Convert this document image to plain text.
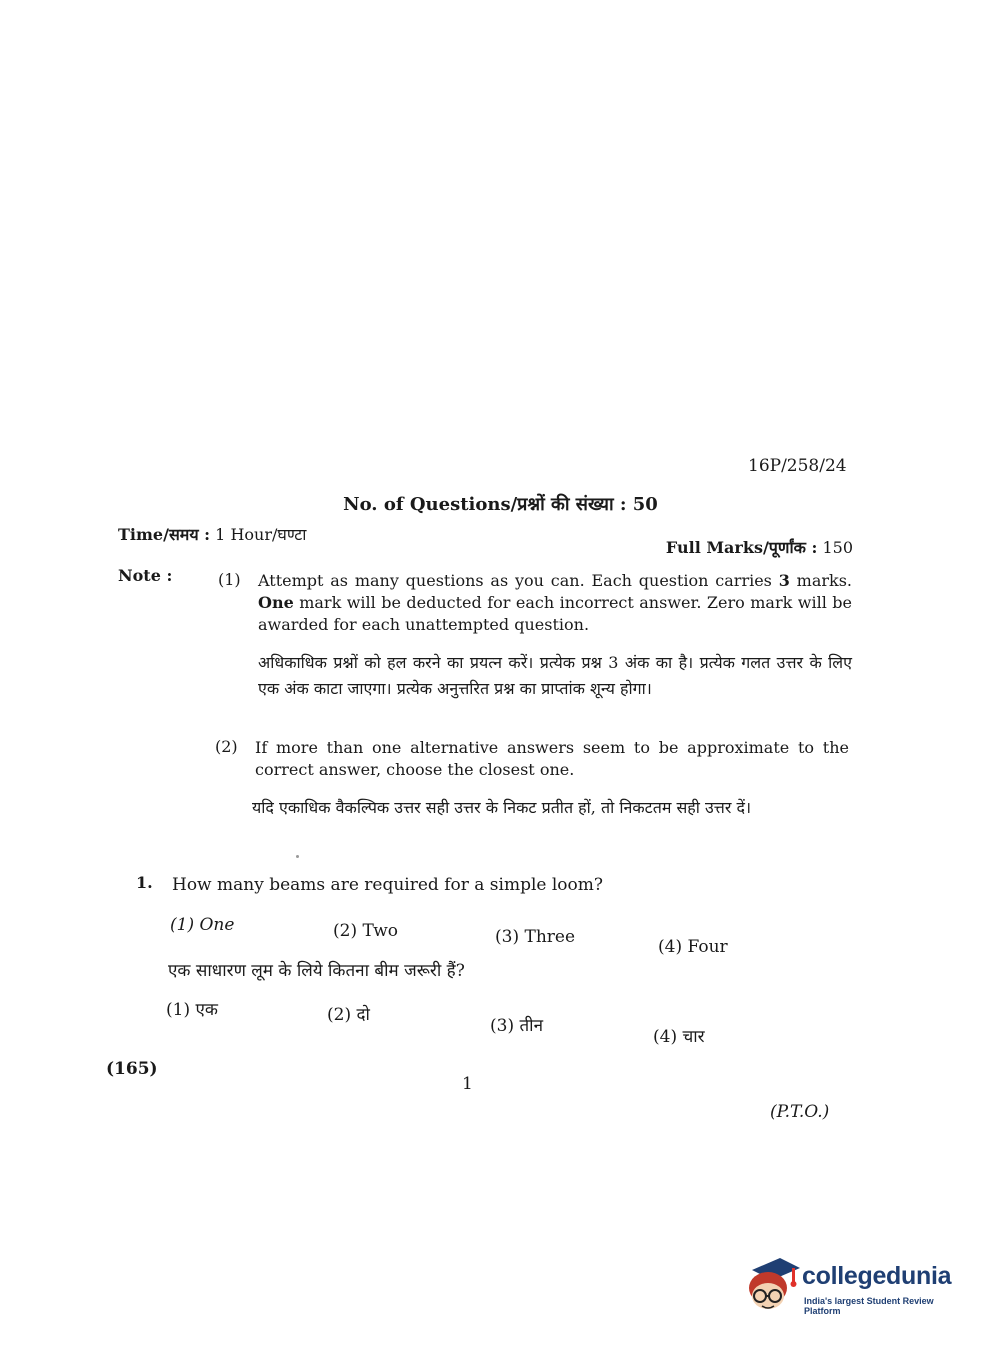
16P/258/24
No. of Questions/प्रश्नों की संख्या : 50
Time/समय : 1 Hour/घण्टा
Full Marks/पूर्णांक : 150
Note :	(1) Attempt as many questions as you can. Each question carries 3 marks. One mark will be deducted for each incorrect answer. Zero mark will be awarded for each unattempted question.
अधिकाधिक प्रश्नों को हल करने का प्रयत्न करें। प्रत्येक प्रश्न 3 अंक का है। प्रत्येक गलत उत्तर के लिए एक अंक काटा जाएगा। प्रत्येक अनुत्तरित प्रश्न का प्राप्तांक शून्य होगा।
(2) If more than one alternative answers seem to be approximate to the correct answer, choose the closest one.
यदि एकाधिक वैकल्पिक उत्तर सही उत्तर के निकट प्रतीत हों, तो निकटतम सही उत्तर दें।
1. How many beams are required for a simple loom?
(1) One	(2) Two	(3) Three	(4) Four
एक साधारण लूम के लिये कितना बीम जरूरी हैं?
(1) एक	(2) दो
(3) तीन
(4) चार
(165)
1
(P.T.O.)
collegedunia
India's largest Student Review Platform
